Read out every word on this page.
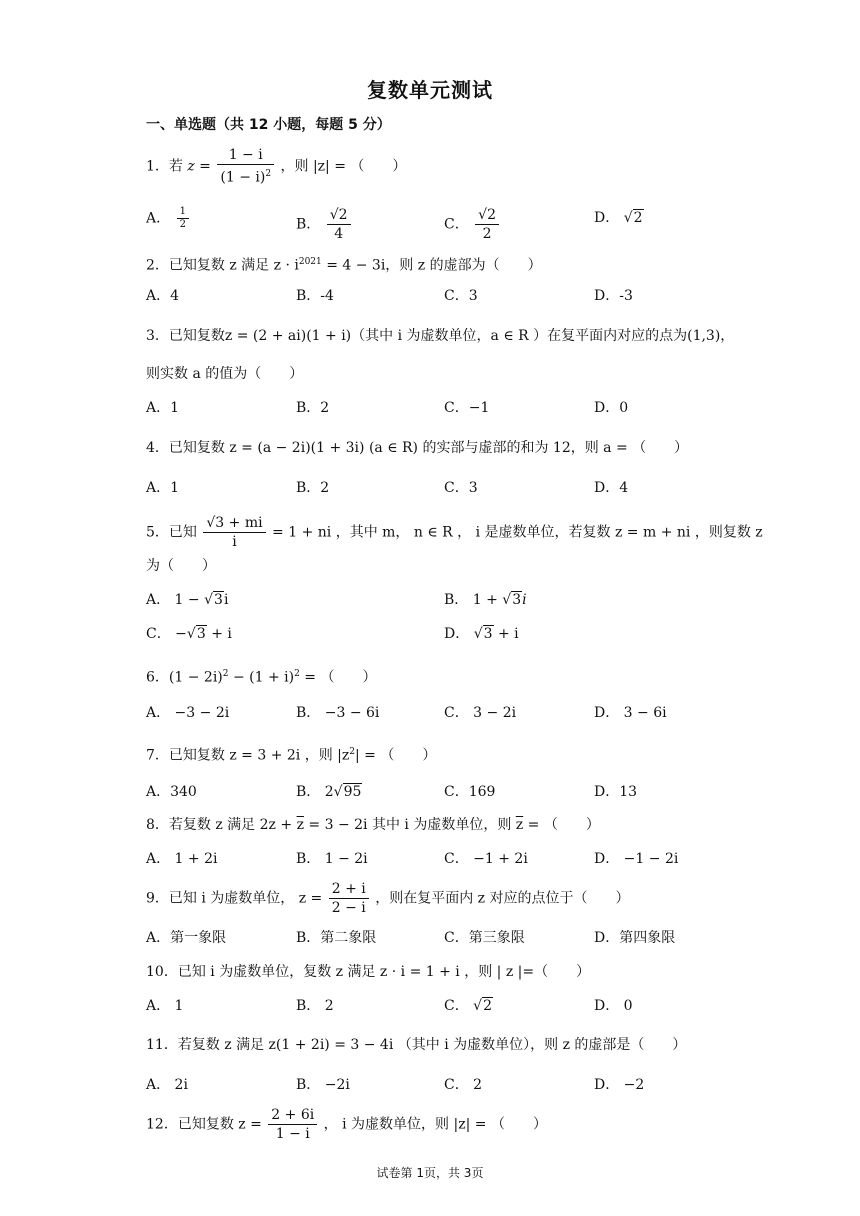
复数单元测试
一、单选题（共 12 小题，每题 5 分）
1．若 $z = \frac{1 - i}{(1 - i)^2}$ ，则 |z| = （　　）
A． $\frac{1}{2}$	B． $\frac{√2}{4}$	C． $\frac{√2}{2}$	D． √2
2．已知复数 z 满足 $z \cdot i^{2021} = 4 - 3i$，则 z 的虚部为（　　）
A．4	B．-4	C．3	D．-3
3．已知复数z = (2 + ai)(1 + i)（其中 i 为虚数单位，a ∈ R ）在复平面内对应的点为(1,3)，
则实数 a 的值为（　　）
A．1	B．2	C．−1	D．0
4．已知复数 z = (a − 2i)(1 + 3i) (a ∈ R) 的实部与虚部的和为 12，则 a = （　　）
A．1	B．2	C．3	D．4
5．已知 $\frac{√3 + mi}{i} = 1$ + ni ，其中 m， n ∈ R ， i 是虚数单位，若复数 z = m + ni ，则复数 z
为（　　）
A． 1 − √3i	B． 1 + √3i
C． −√3 + i	D． √3 + i
6．$(1 - 2i)^2 - (1 + i)^2$ = （　　）
A． −3 − 2i	B． −3 − 6i	C． 3 − 2i	D． 3 − 6i
7．已知复数 z = 3 + 2i ，则 $|z^2|$ = （　　）
A．340	B． 2√95	C．169	D．13
8．若复数 z 满足 $2z + \overline{z} = 3 - 2i$ 其中 i 为虚数单位，则 $\overline{z}$ = （　　）
A． 1 + 2i	B． 1 − 2i	C． −1 + 2i	D． −1 − 2i
9．已知 i 为虚数单位， $z = \frac{2 + i}{2 - i}$ ，则在复平面内 z 对应的点位于（　　）
A．第一象限	B．第二象限	C．第三象限	D．第四象限
10．已知 i 为虚数单位，复数 z 满足 z · i = 1 + i ，则 | z |=（　　）
A． 1	B． 2	C． √2	D． 0
11．若复数 z 满足 z(1 + 2i) = 3 − 4i （其中 i 为虚数单位），则 z 的虚部是（　　）
A． 2i	B． −2i	C． 2	D． −2
12．已知复数 $z = \frac{2 + 6i}{1 - i}$ ， i 为虚数单位，则 |z| = （　　）
试卷第 1页，共 3页
